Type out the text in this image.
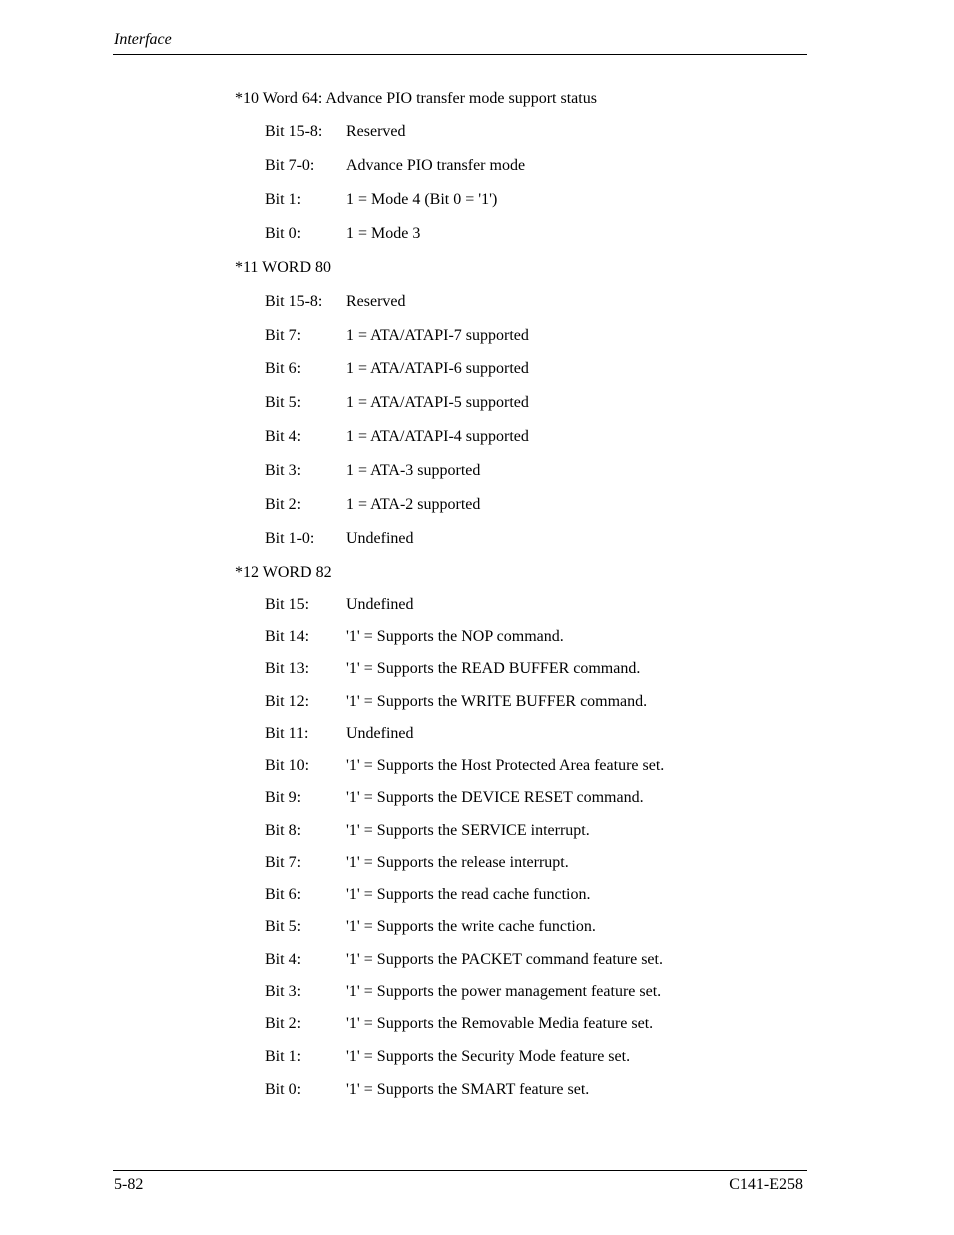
Interface
*10 Word 64: Advance PIO transfer mode support status
Bit 15-8: Reserved
Bit 7-0: Advance PIO transfer mode
Bit 1:	1 = Mode 4 (Bit 0 = '1')
Bit 0:	1 = Mode 3
*11 WORD 80
Bit 15-8: Reserved
Bit 7:	1 = ATA/ATAPI-7 supported
Bit 6:	1 = ATA/ATAPI-6 supported
Bit 5:	1 = ATA/ATAPI-5 supported
Bit 4:	1 = ATA/ATAPI-4 supported
Bit 3:	1 = ATA-3 supported
Bit 2:	1 = ATA-2 supported
Bit 1-0: Undefined
*12 WORD 82
Bit 15: Undefined
Bit 14: '1' = Supports the NOP command.
Bit 13: '1' = Supports the READ BUFFER command.
Bit 12: '1' = Supports the WRITE BUFFER command.
Bit 11: Undefined
Bit 10: '1' = Supports the Host Protected Area feature set.
Bit 9:	'1' = Supports the DEVICE RESET command.
Bit 8:	'1' = Supports the SERVICE interrupt.
Bit 7:	'1' = Supports the release interrupt.
Bit 6:	'1' = Supports the read cache function.
Bit 5:	'1' = Supports the write cache function.
Bit 4:	'1' = Supports the PACKET command feature set.
Bit 3:	'1' = Supports the power management feature set.
Bit 2:	'1' = Supports the Removable Media feature set.
Bit 1:	'1' = Supports the Security Mode feature set.
Bit 0:	'1' = Supports the SMART feature set.
5-82	C141-E258
